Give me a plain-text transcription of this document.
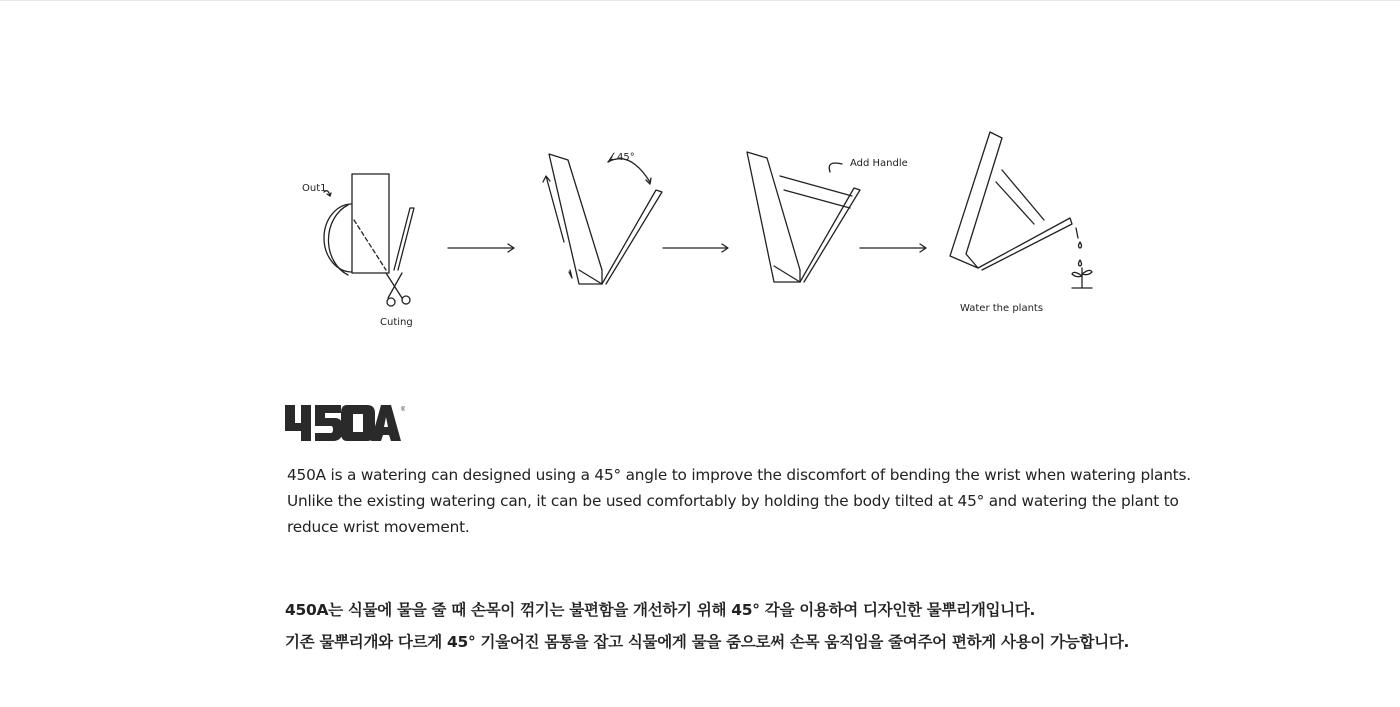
Out1
Cuting
∠45°
Add Handle
Water the plants
®

450A is a watering can designed using a 45° angle to improve the discomfort of bending the wrist when watering plants.

Unlike the existing watering can, it can be used comfortably by holding the body tilted at 45° and watering the plant to

reduce wrist movement.

450A는 식물에 물을 줄 때 손목이 꺾기는 불편함을 개선하기 위해 45° 각을 이용하여 디자인한 물뿌리개입니다.

기존 물뿌리개와 다르게 45° 기울어진 몸통을 잡고 식물에게 물을 줌으로써 손목 움직임을 줄여주어 편하게 사용이 가능합니다.
